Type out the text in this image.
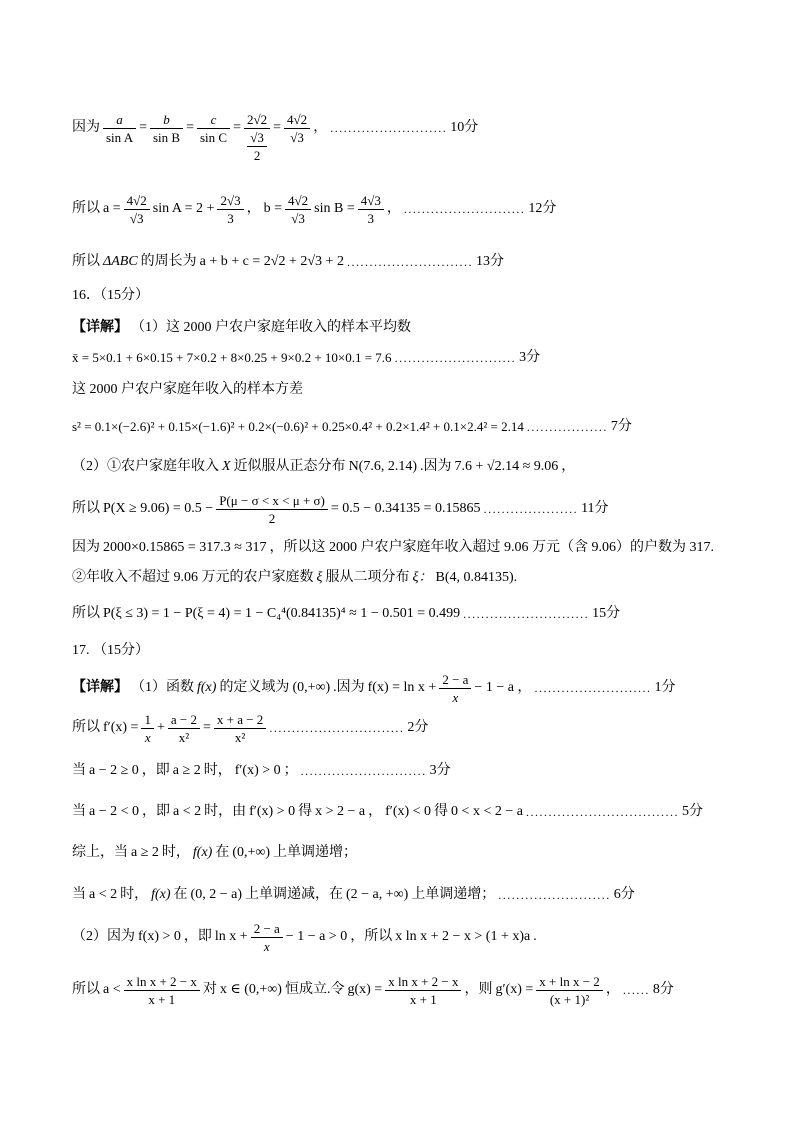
因为 $\frac{a}{\text{sin A}} = \frac{b}{\text{sin B}} = \frac{c}{\text{sin C}} = \frac{2√2}{\frac{√3}{2}} = \frac{4√2}{√3}$ ， .......................... 10分
所以 $a = \frac{4√2}{√3}$ $\sin A = 2 + \frac{2√3}{3}$ ， $b = \frac{4√2}{√3}$ $\sin B = \frac{4√3}{3}$ ， ........................... 12分
所以 ΔABC 的周长为 a + b + c = 2√2 + 2√3 + 2 ............................ 13分
16．（15分）
【详解】 （1）这 2000 户农户家庭年收入的样本平均数
x̄ = 5×0.1 + 6×0.15 + 7×0.2 + 8×0.25 + 9×0.2 + 10×0.1 = 7.6 ........................... 3分
这 2000 户农户家庭年收入的样本方差
s² = 0.1×(−2.6)² + 0.15×(−1.6)² + 0.2×(−0.6)² + 0.25×0.4² + 0.2×1.4² + 0.1×2.4² = 2.14 .................. 7分
（2）①农户家庭年收入 X 近似服从正态分布 N(7.6, 2.14) .因为 7.6 + √2.14 ≈ 9.06 ，
所以 $P(X \ge 9.06) = 0.5 - \frac{P(\mu - \sigma < x < \mu + \sigma)}{2} = 0.5 - 0.34135 = 0.15865$ ..................... 11分
因为 2000×0.15865 = 317.3 ≈ 317 ，所以这 2000 户农户家庭年收入超过 9.06 万元（含 9.06）的户数为 317.
②年收入不超过 9.06 万元的农户家庭数 ξ 服从二项分布 ξ： B(4, 0.84135).
所以 P(ξ ≤ 3) = 1 − P(ξ = 4) = 1 − C₄⁴(0.84135)⁴ ≈ 1 − 0.501 = 0.499 ............................ 15分
17. （15分）
【详解】 （1）函数 f(x) 的定义域为 (0,+∞) .因为 $f(x) = \ln x + \frac{2 - a}{x} - 1 - a$ ， .......................... 1分
所以 $f'(x) = \frac{1}{x} + \frac{a - 2}{\text{x²}} = \frac{x + a - 2}{\text{x²}}$ .............................. 2分
当 a − 2 ≥ 0 ，即 a ≥ 2 时， f′(x) > 0 ； ............................ 3分
当 a − 2 < 0 ，即 a < 2 时，由 f′(x) > 0 得 x > 2 − a ， f′(x) < 0 得 0 < x < 2 − a .................................. 5分
综上，当 a ≥ 2 时， f(x) 在 (0,+∞) 上单调递增；
当 a < 2 时， f(x) 在 (0, 2 − a) 上单调递减，在 (2 − a, +∞) 上单调递增； ......................... 6分
（2）因为 f(x) > 0 ，即 $\ln x + \frac{2 - a}{x} - 1 - a > 0$ ，所以 x ln x + 2 − x > (1 + x)a .
所以 $a < \frac{\text{x ln x + 2 − x}}{x + 1}$ 对 x ∈ (0,+∞) 恒成立.令 $g(x) = \frac{\text{x ln x + 2 − x}}{x + 1}$ ，则 $g'(x) = \frac{\text{x + ln x − 2}}{\text{(x + 1)²}}$ ， ...... 8分
